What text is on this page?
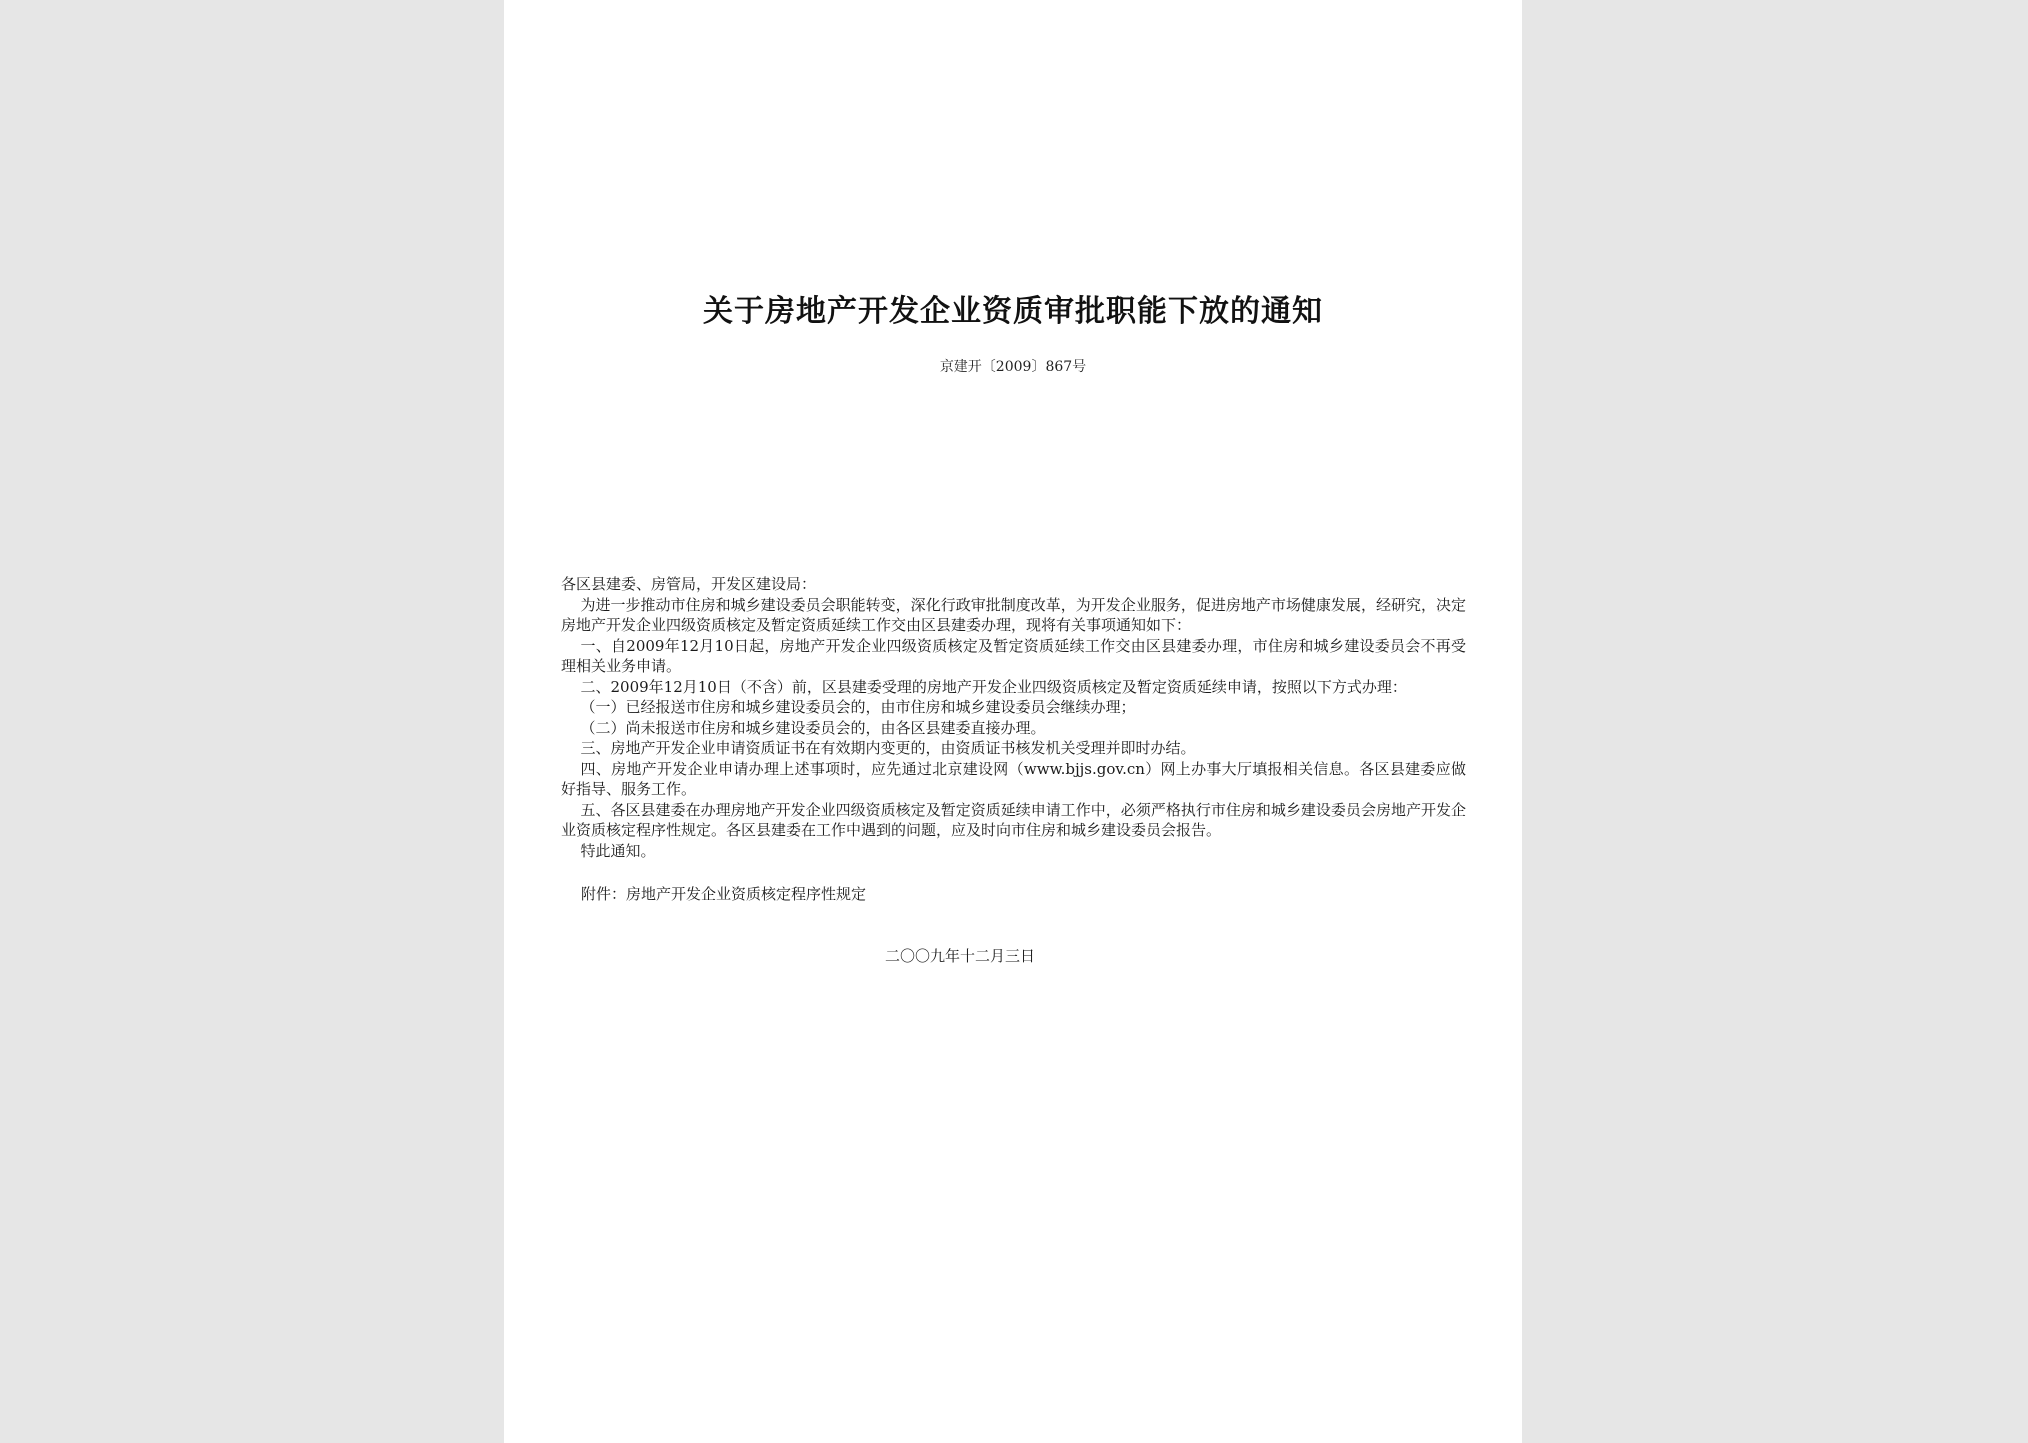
关于房地产开发企业资质审批职能下放的通知
京建开〔2009〕867号

各区县建委、房管局，开发区建设局：

为进一步推动市住房和城乡建设委员会职能转变，深化行政审批制度改革，为开发企业服务，促进房地产市场健康发展，经研究，决定房地产开发企业四级资质核定及暂定资质延续工作交由区县建委办理，现将有关事项通知如下：

一、自2009年12月10日起，房地产开发企业四级资质核定及暂定资质延续工作交由区县建委办理，市住房和城乡建设委员会不再受理相关业务申请。

二、2009年12月10日（不含）前，区县建委受理的房地产开发企业四级资质核定及暂定资质延续申请，按照以下方式办理：

（一）已经报送市住房和城乡建设委员会的，由市住房和城乡建设委员会继续办理；

（二）尚未报送市住房和城乡建设委员会的，由各区县建委直接办理。

三、房地产开发企业申请资质证书在有效期内变更的，由资质证书核发机关受理并即时办结。

四、房地产开发企业申请办理上述事项时，应先通过北京建设网（www.bjjs.gov.cn）网上办事大厅填报相关信息。各区县建委应做好指导、服务工作。

五、各区县建委在办理房地产开发企业四级资质核定及暂定资质延续申请工作中，必须严格执行市住房和城乡建设委员会房地产开发企业资质核定程序性规定。各区县建委在工作中遇到的问题，应及时向市住房和城乡建设委员会报告。

特此通知。

附件：房地产开发企业资质核定程序性规定
二〇〇九年十二月三日
